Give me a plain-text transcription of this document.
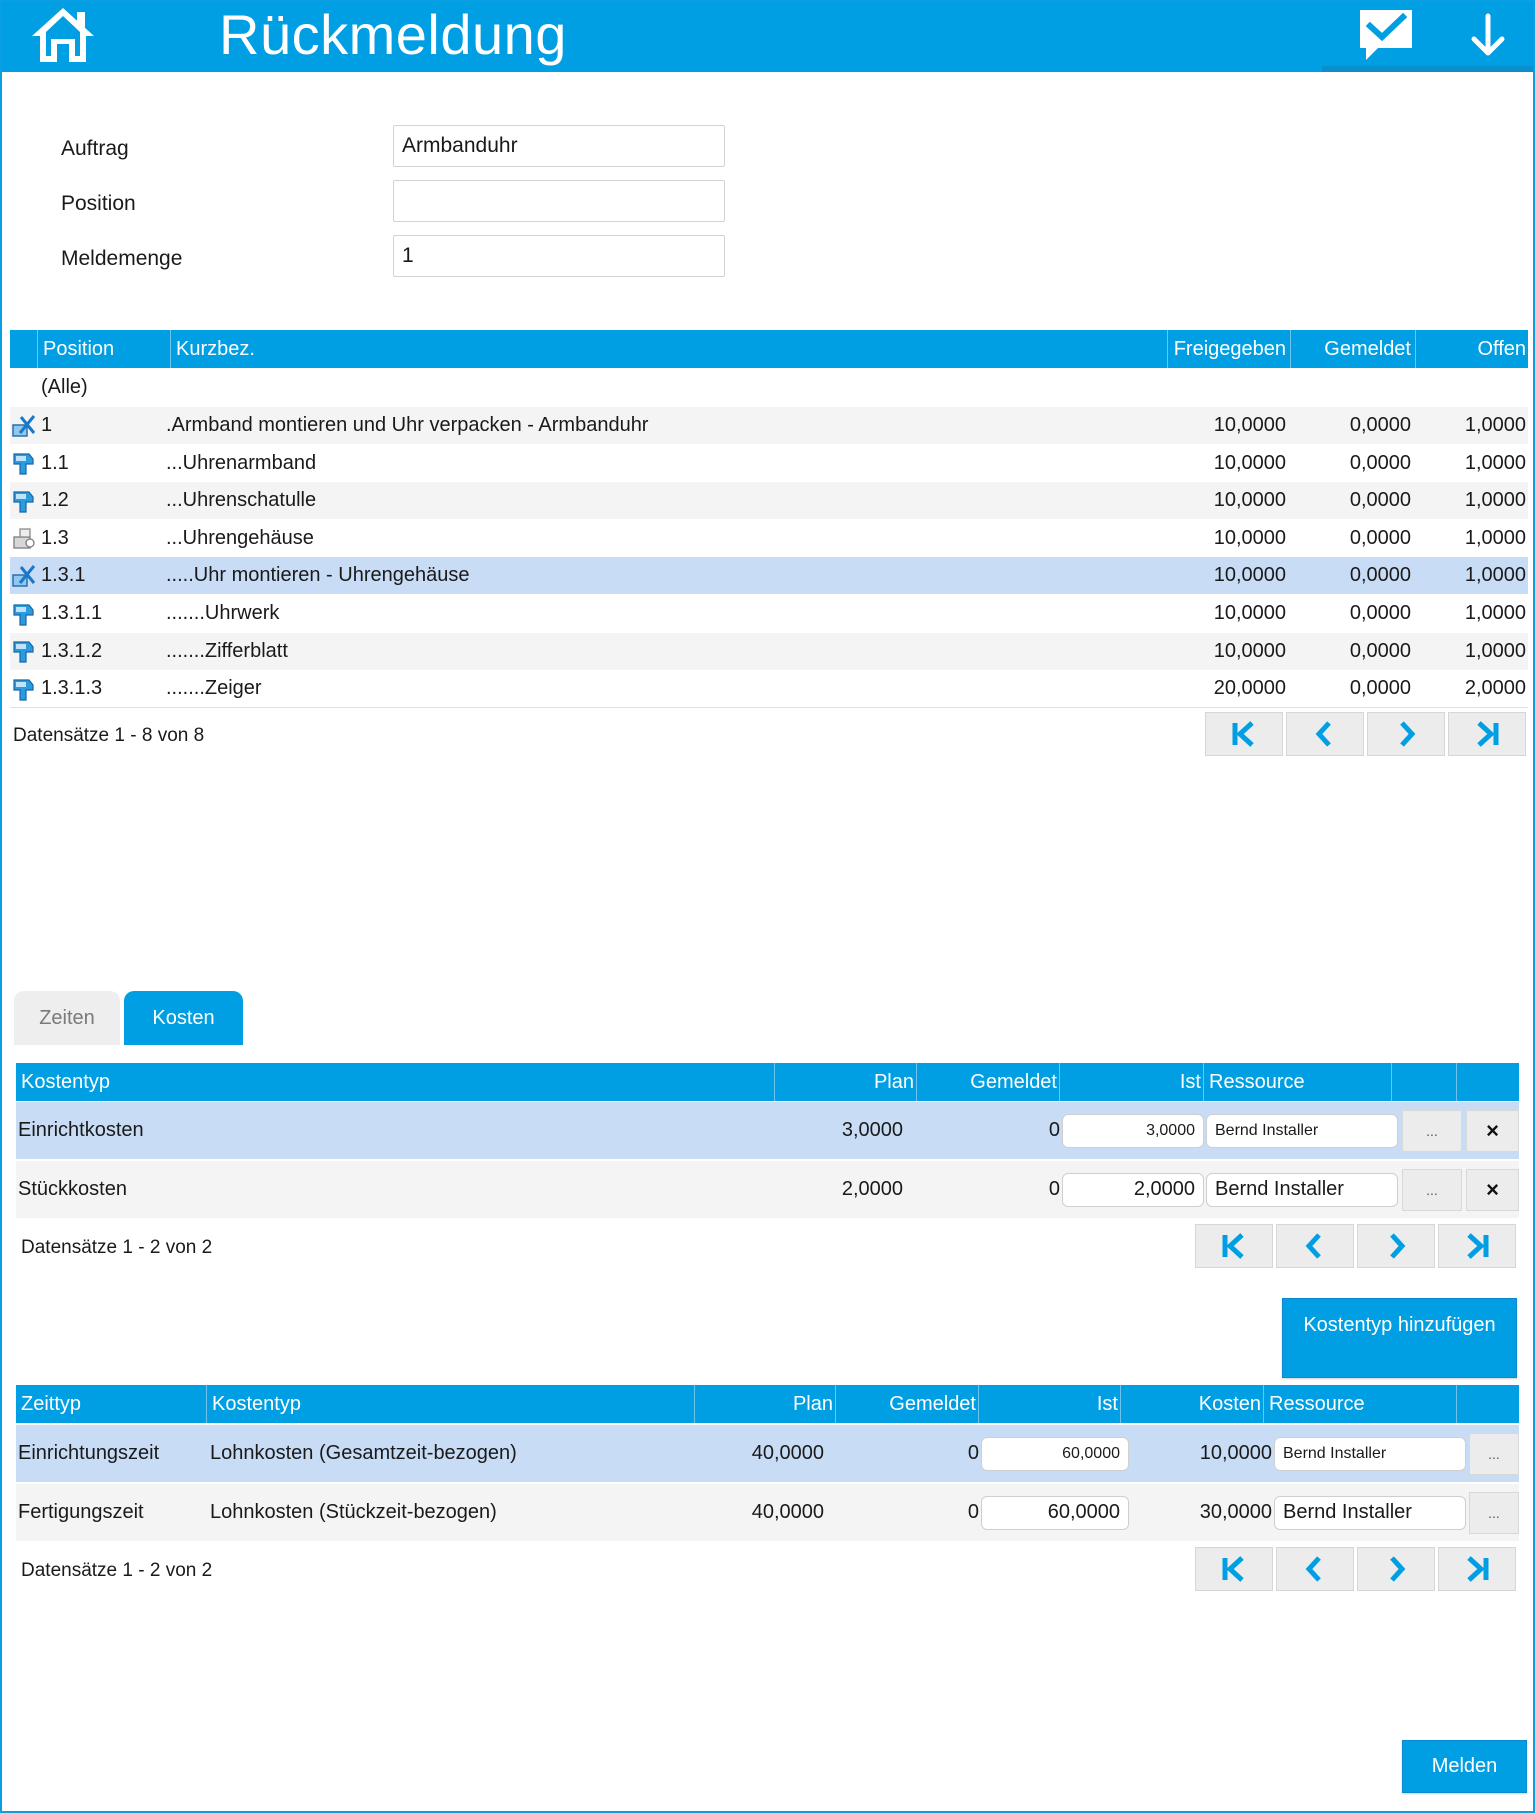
Rückmeldung
Auftrag	Armbanduhr
Position
Meldemenge	1
Position	Kurzbez.	Freigegeben	Gemeldet	Offen
(Alle)
1	.Armband montieren und Uhr verpacken - Armbanduhr	10,0000	0,0000	1,0000
1.1	...Uhrenarmband	10,0000	0,0000	1,0000
1.2	...Uhrenschatulle	10,0000	0,0000	1,0000
1.3	...Uhrengehäuse	10,0000	0,0000	1,0000
1.3.1	.....Uhr montieren - Uhrengehäuse	10,0000	0,0000	1,0000
1.3.1.1	.......Uhrwerk	10,0000	0,0000	1,0000
1.3.1.2	.......Zifferblatt	10,0000	0,0000	1,0000
1.3.1.3	.......Zeiger	20,0000	0,0000	2,0000
Datensätze 1 - 8 von 8
Zeiten	Kosten
Kostentyp	Plan	Gemeldet	Ist Ressource
Einrichtkosten	3,0000	0	3,0000	Bernd Installer	...	×
Stückkosten	2,0000	0	2,0000	Bernd Installer	...	×
Datensätze 1 - 2 von 2
Kostentyp hinzufügen
Zeittyp	Kostentyp	Plan	Gemeldet	Ist	Kosten Ressource
Einrichtungszeit	Lohnkosten (Gesamtzeit-bezogen)	40,0000	0	60,0000	10,0000 Bernd Installer	...
Fertigungszeit	Lohnkosten (Stückzeit-bezogen)	40,0000	0	60,0000	30,0000 Bernd Installer	...
Datensätze 1 - 2 von 2
Melden
